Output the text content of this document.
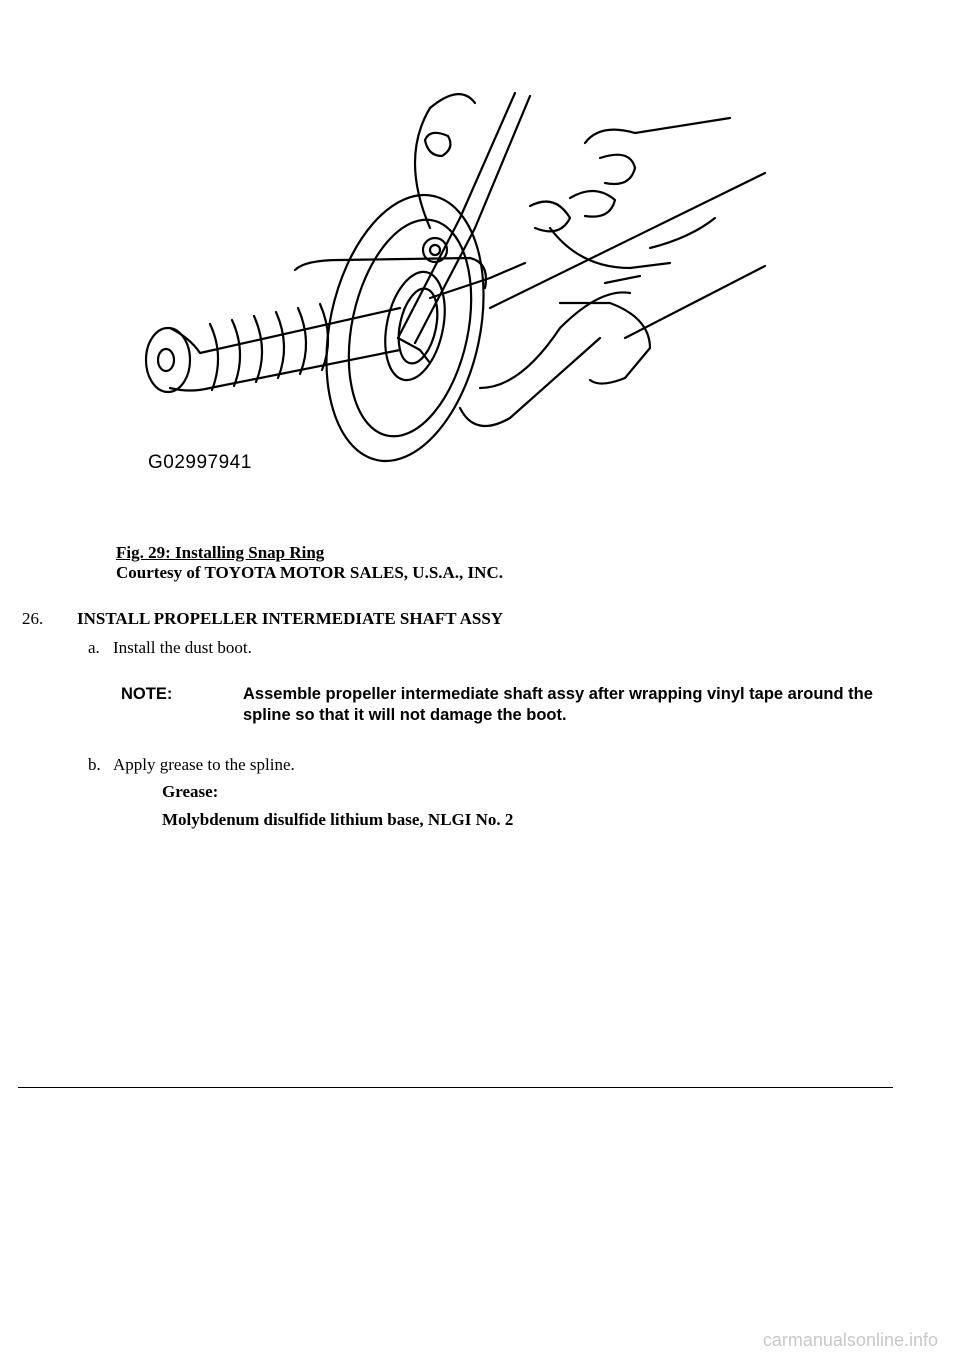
G02997941
Fig. 29: Installing Snap Ring
Courtesy of TOYOTA MOTOR SALES, U.S.A., INC.
26. INSTALL PROPELLER INTERMEDIATE SHAFT ASSY
a. Install the dust boot.
NOTE:	Assemble propeller intermediate shaft assy after wrapping vinyl tape around the spline so that it will not damage the boot.
b. Apply grease to the spline.
Grease:
Molybdenum disulfide lithium base, NLGI No. 2
carmanualsonline.info
